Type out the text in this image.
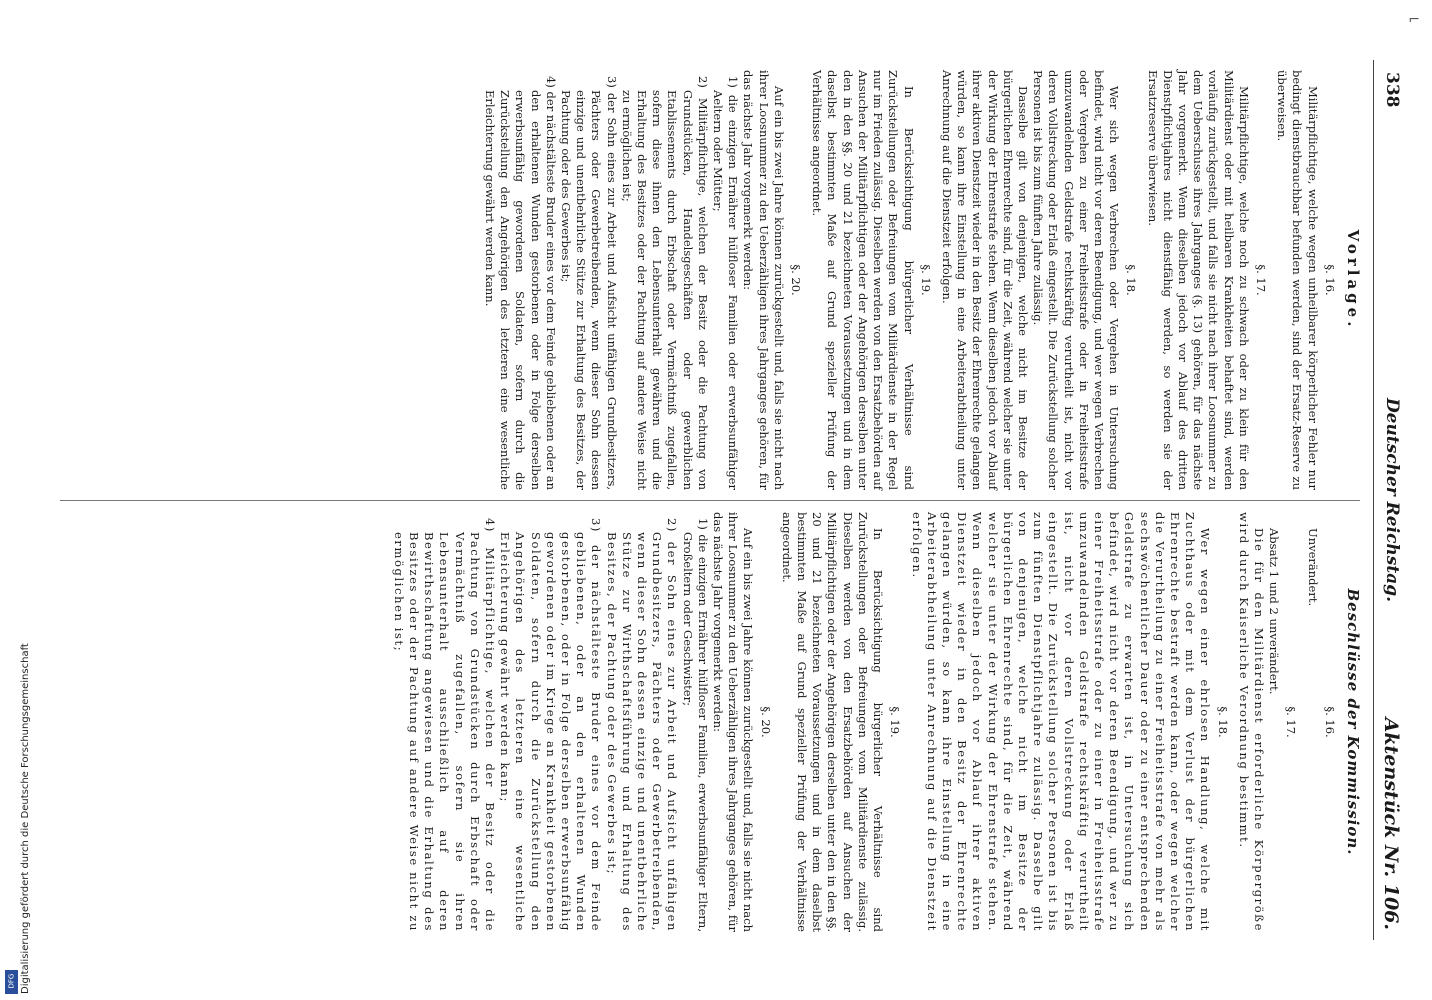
338
Deutscher Reichstag.
Aktenstück Nr. 106.
Vorlage.
§. 16.

Militärpflichtige, welche wegen unheilbarer körperlicher Fehler nur bedingt dienstbrauchbar befunden werden, sind der Ersatz-Reserve zu überweisen.

§. 17.

Militärpflichtige, welche noch zu schwach oder zu klein für den Militärdienst oder mit heilbaren Krankheiten behaftet sind, werden vorläufig zurückgestellt, und falls sie nicht nach ihrer Loosnummer zu dem Ueberschusse ihres Jahrganges (§. 13) gehören, für das nächste Jahr vorgemerkt. Wenn dieselben jedoch vor Ablauf des dritten Dienstpflichtjahres nicht dienstfähig werden, so werden sie der Ersatzreserve überwiesen.

§. 18.

Wer sich wegen Verbrechen oder Vergehen in Untersuchung befindet, wird nicht vor deren Beendigung, und wer wegen Verbrechen oder Vergehen zu einer Freiheitsstrafe oder in Freiheitsstrafe umzuwandelnden Geldstrafe rechtskräftig verurtheilt ist, nicht vor deren Vollstreckung oder Erlaß eingestellt. Die Zurückstellung solcher Personen ist bis zum fünften Jahre zulässig.

Dasselbe gilt von denjenigen, welche nicht im Besitze der bürgerlichen Ehrenrechte sind, für die Zeit, während welcher sie unter der Wirkung der Ehrenstrafe stehen. Wenn dieselben jedoch vor Ablauf ihrer aktiven Dienstzeit wieder in den Besitz der Ehrenrechte gelangen würden, so kann ihre Einstellung in eine Arbeiterabtheilung unter Anrechnung auf die Dienstzeit erfolgen.

§. 19.

In Berücksichtigung bürgerlicher Verhältnisse sind Zurückstellungen oder Befreiungen vom Militärdienste in der Regel nur im Frieden zulässig. Dieselben werden von den Ersatzbehörden auf Ansuchen der Militärpflichtigen oder der Angehörigen derselben unter den in den §§. 20 und 21 bezeichneten Voraussetzungen und in dem daselbst bestimmten Maße auf Grund spezieller Prüfung der Verhältnisse angeordnet.

§. 20.

Auf ein bis zwei Jahre können zurückgestellt und, falls sie nicht nach ihrer Loosnummer zu den Ueberzähligen ihres Jahrganges gehören, für das nächste Jahr vorgemerkt werden:

1) die einzigen Ernährer hülfloser Familien oder erwerbsunfähiger Aeltern oder Mütter;

2) Militärpflichtige, welchen der Besitz oder die Pachtung von Grundstücken, Handelsgeschäften oder gewerblichen Etablissements durch Erbschaft oder Vermächtniß zugefallen, sofern diese ihnen den Lebensunterhalt gewähren und die Erhaltung des Besitzes oder der Pachtung auf andere Weise nicht zu ermöglichen ist;

3) der Sohn eines zur Arbeit und Aufsicht unfähigen Grundbesitzers, Pächters oder Gewerbetreibenden, wenn dieser Sohn dessen einzige und unentbehrliche Stütze zur Erhaltung des Besitzes, der Pachtung oder des Gewerbes ist;

4) der nächstälteste Bruder eines vor dem Feinde gebliebenen oder an den erhaltenen Wunden gestorbenen oder in Folge derselben erwerbsunfähig gewordenen Soldaten, sofern durch die Zurückstellung den Angehörigen des letzteren eine wesentliche Erleichterung gewährt werden kann.

Beschlüsse der Kommission.
§. 16.

Unverändert.

§. 17.

Absatz 1 und 2 unverändert.

Die für den Militärdienst erforderliche Körpergröße wird durch Kaiserliche Verordnung bestimmt.

§. 18.

Wer wegen einer ehrlosen Handlung, welche mit Zuchthaus oder mit dem Verlust der bürgerlichen Ehrenrechte bestraft werden kann, oder wegen welcher die Verurtheilung zu einer Freiheitsstrafe von mehr als sechswöchentlicher Dauer oder zu einer entsprechenden Geldstrafe zu erwarten ist, in Untersuchung sich befindet, wird nicht vor deren Beendigung, und wer zu einer Freiheitsstrafe oder zu einer in Freiheitsstrafe umzuwandelnden Geldstrafe rechtskräftig verurtheilt ist, nicht vor deren Vollstreckung oder Erlaß eingestellt. Die Zurückstellung solcher Personen ist bis zum fünften Dienstpflichtjahre zulässig. Dasselbe gilt von denjenigen, welche nicht im Besitze der bürgerlichen Ehrenrechte sind, für die Zeit, während welcher sie unter der Wirkung der Ehrenstrafe stehen. Wenn dieselben jedoch vor Ablauf ihrer aktiven Dienstzeit wieder in den Besitz der Ehrenrechte gelangen würden, so kann ihre Einstellung in eine Arbeiterabtheilung unter Anrechnung auf die Dienstzeit erfolgen.

§. 19.

In Berücksichtigung bürgerlicher Verhältnisse sind Zurückstellungen oder Befreiungen vom Militärdienste zulässig. Dieselben werden von den Ersatzbehörden auf Ansuchen der Militärpflichtigen oder der Angehörigen derselben unter den in den §§. 20 und 21 bezeichneten Voraussetzungen und in dem daselbst bestimmten Maße auf Grund spezieller Prüfung der Verhältnisse angeordnet.

§. 20.

Auf ein bis zwei Jahre können zurückgestellt und, falls sie nicht nach ihrer Loosnummer zu den Ueberzähligen ihres Jahrganges gehören, für das nächste Jahr vorgemerkt werden:

1) die einzigen Ernährer hülfloser Familien, erwerbsunfähiger Eltern, Großeltern oder Geschwister;

2) der Sohn eines zur Arbeit und Aufsicht unfähigen Grundbesitzers, Pächters oder Gewerbetreibenden, wenn dieser Sohn dessen einzige und unentbehrliche Stütze zur Wirthschaftsführung und Erhaltung des Besitzes, der Pachtung oder des Gewerbes ist;

3) der nächstälteste Bruder eines vor dem Feinde gebliebenen, oder an den erhaltenen Wunden gestorbenen, oder in Folge derselben erwerbsunfähig gewordenen oder im Kriege an Krankheit gestorbenen Soldaten, sofern durch die Zurückstellung den Angehörigen des letzteren eine wesentliche Erleichterung gewährt werden kann;

4) Militärpflichtige, welchen der Besitz oder die Pachtung von Grundstücken durch Erbschaft oder Vermächtniß zugefallen, sofern sie ihren Lebensunterhalt ausschließlich auf deren Bewirthschaftung angewiesen und die Erhaltung des Besitzes oder der Pachtung auf andere Weise nicht zu ermöglichen ist;

⌐
Digitalisierung gefördert durch die Deutsche Forschungsgemeinschaft
DFG
